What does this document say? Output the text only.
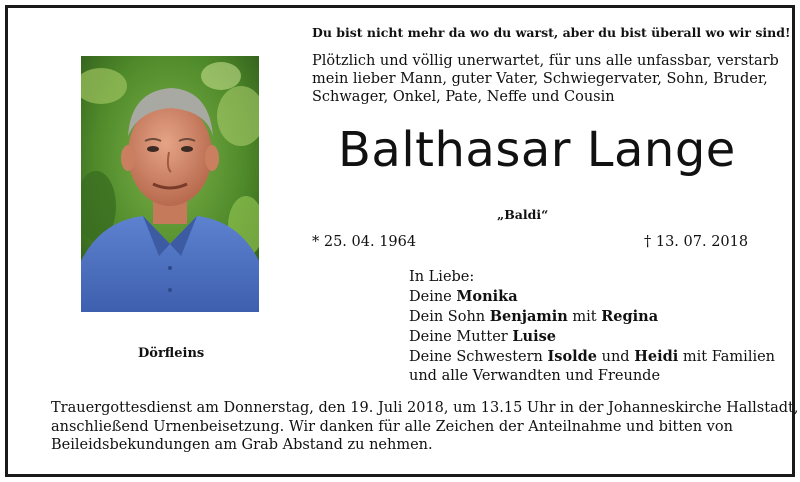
Du bist nicht mehr da wo du warst, aber du bist überall wo wir sind!
Plötzlich und völlig unerwartet, für uns alle unfassbar, verstarb
mein lieber Mann, guter Vater, Schwiegervater, Sohn, Bruder,
Schwager, Onkel, Pate, Neffe und Cousin
Balthasar Lange
„Baldi“
* 25. 04. 1964	† 13. 07. 2018
Dörfleins
In Liebe:
Deine Monika
Dein Sohn Benjamin mit Regina
Deine Mutter Luise
Deine Schwestern Isolde und Heidi mit Familien
und alle Verwandten und Freunde
Trauergottesdienst am Donnerstag, den 19. Juli 2018, um 13.15 Uhr in der Johanneskirche Hallstadt,
anschließend Urnenbeisetzung. Wir danken für alle Zeichen der Anteilnahme und bitten von
Beileidsbekundungen am Grab Abstand zu nehmen.
